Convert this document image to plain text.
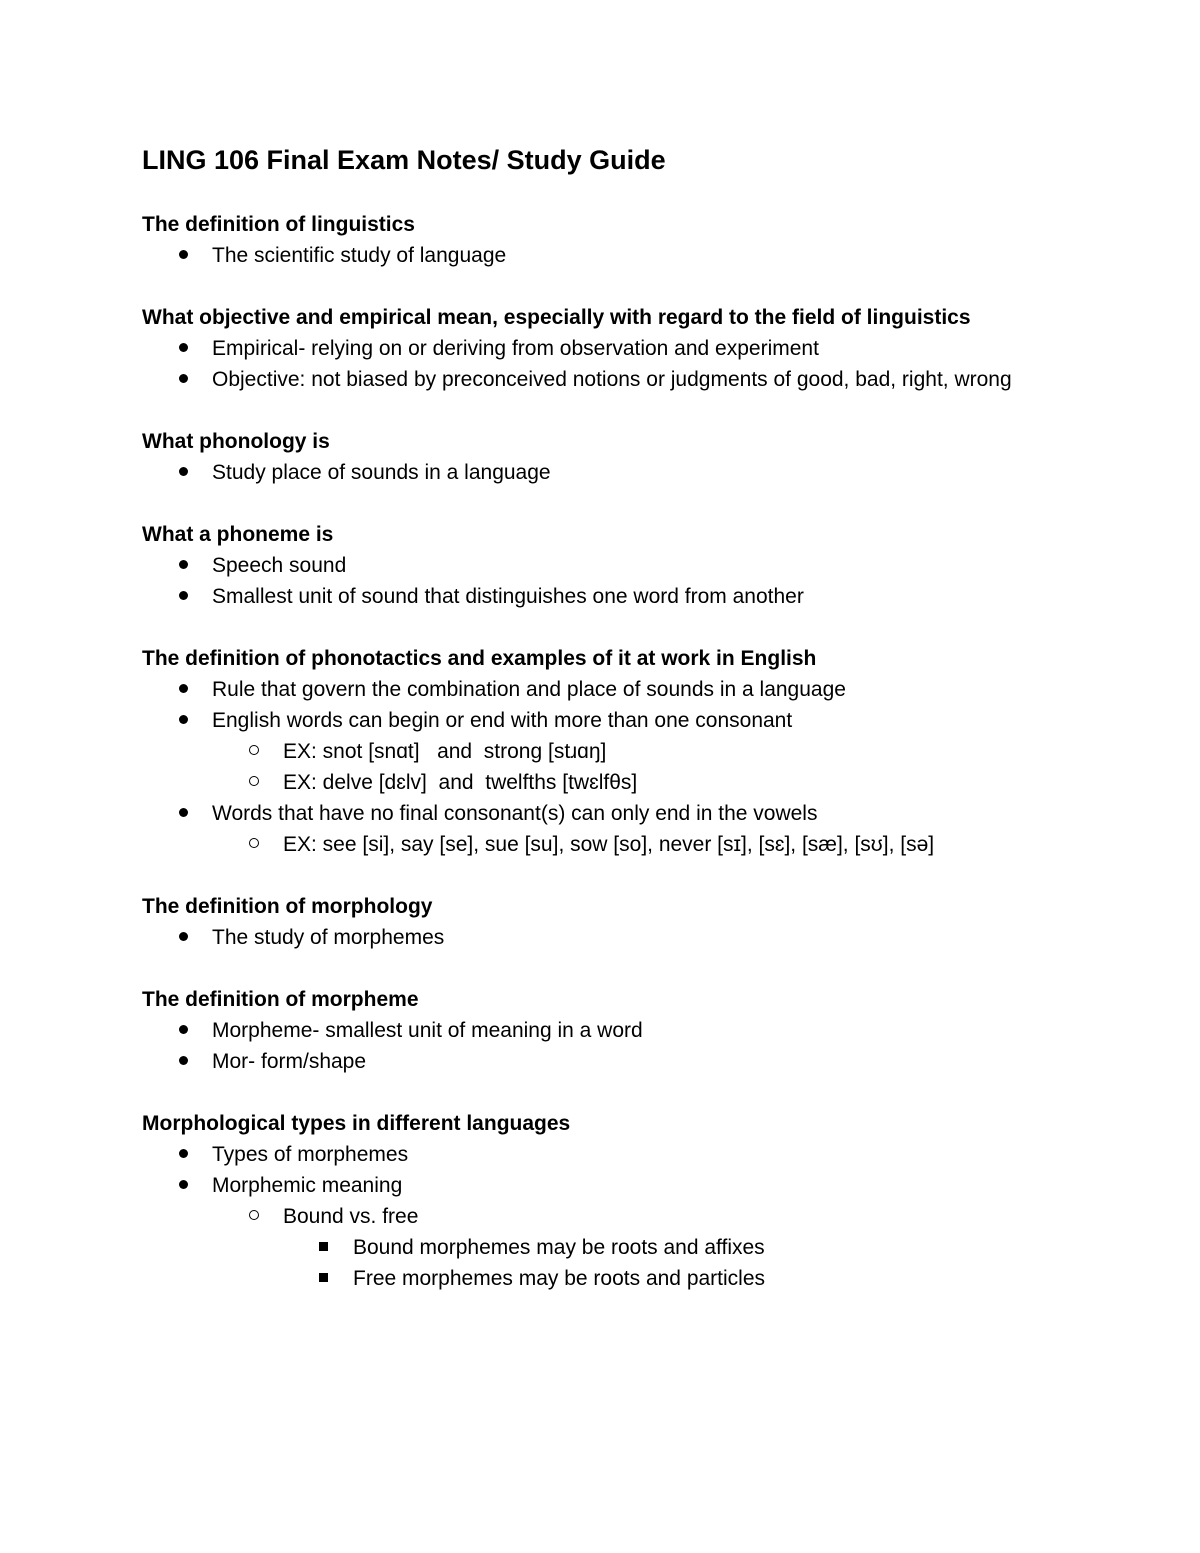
LING 106 Final Exam Notes/ Study Guide
The definition of linguistics
The scientific study of language
What objective and empirical mean, especially with regard to the field of linguistics
Empirical- relying on or deriving from observation and experiment
Objective: not biased by preconceived notions or judgments of good, bad, right, wrong
What phonology is
Study place of sounds in a language
What a phoneme is
Speech sound
Smallest unit of sound that distinguishes one word from another
The definition of phonotactics and examples of it at work in English
Rule that govern the combination and place of sounds in a language
English words can begin or end with more than one consonant
EX: snot [snɑt]   and  strong [stɹɑŋ]
EX: delve [dɛlv]  and  twelfths [twɛlfθs]
Words that have no final consonant(s) can only end in the vowels
EX: see [si], say [se], sue [su], sow [so], never [sɪ], [sɛ], [sæ], [sʊ], [sə]
The definition of morphology
The study of morphemes
The definition of morpheme
Morpheme- smallest unit of meaning in a word
Mor- form/shape
Morphological types in different languages
Types of morphemes
Morphemic meaning
Bound vs. free
Bound morphemes may be roots and affixes
Free morphemes may be roots and particles
